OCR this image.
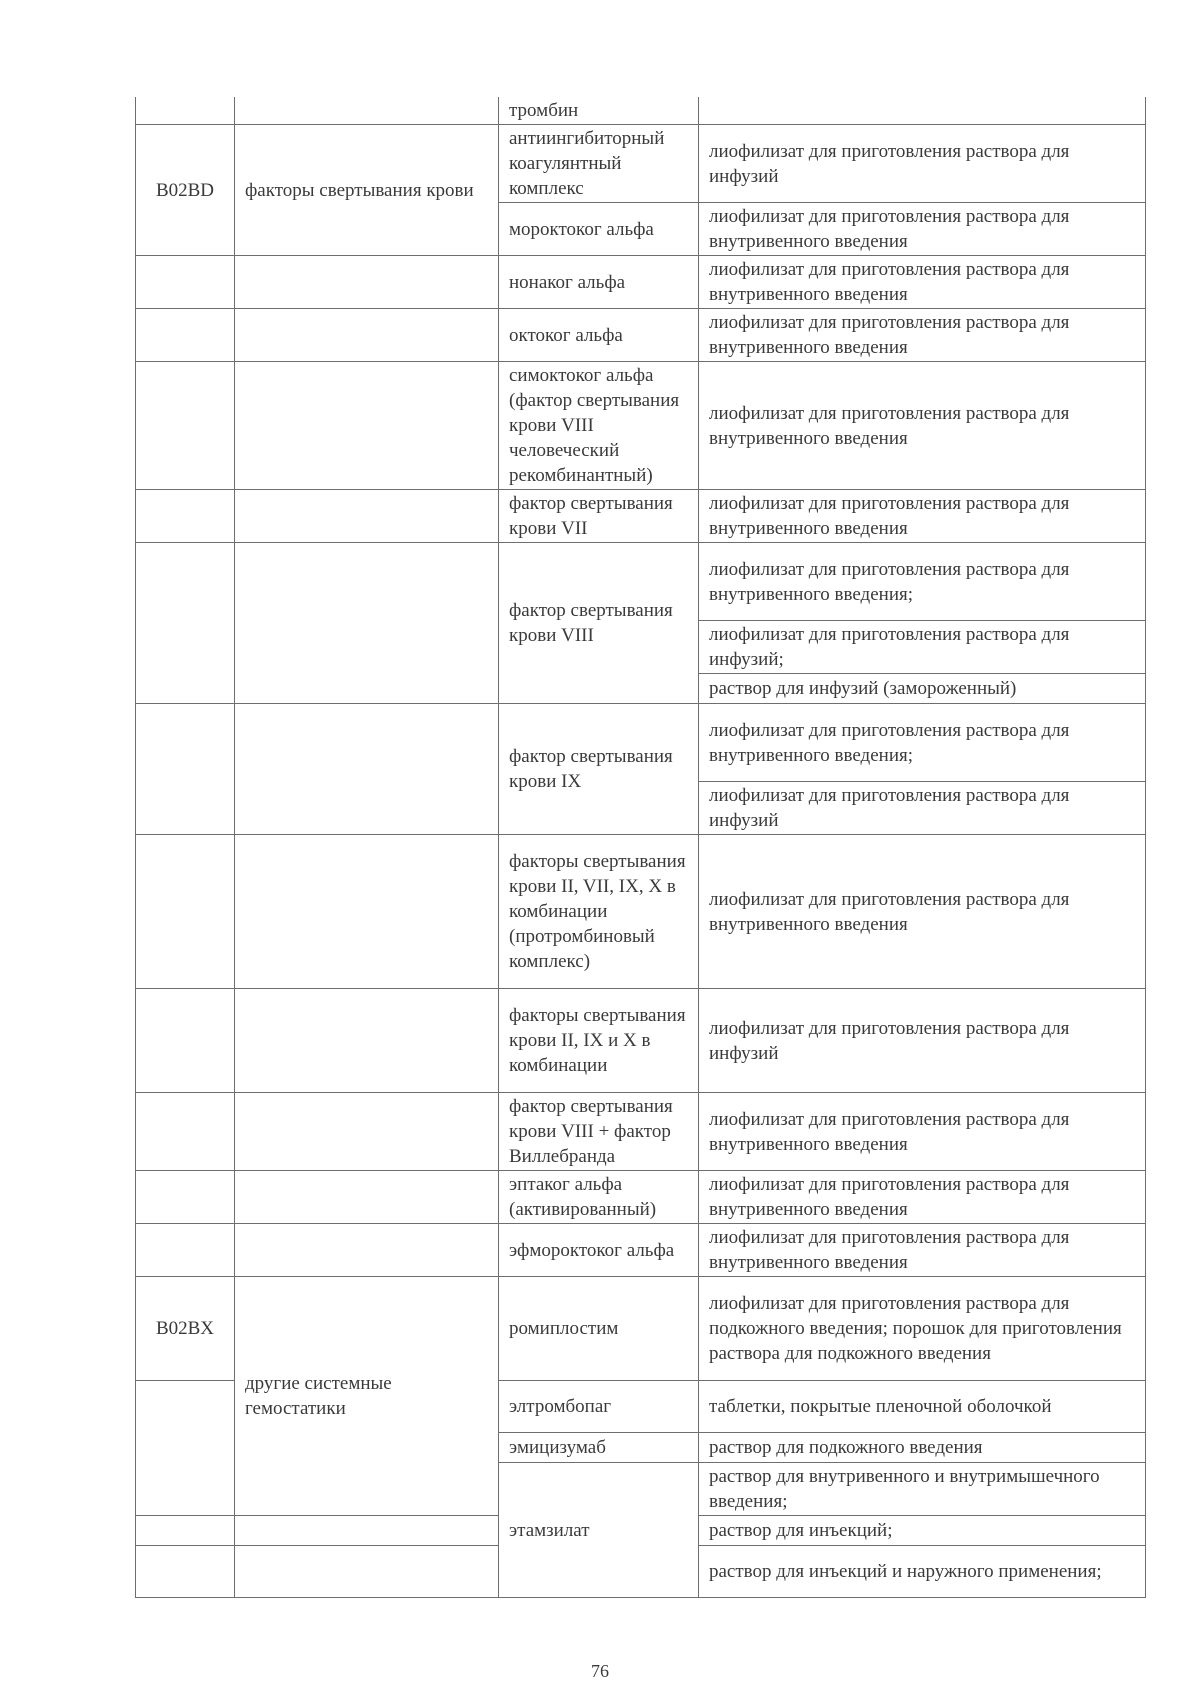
		тромбин	
B02BD	факторы свертывания крови	антиингибиторный коагулянтный комплекс	лиофилизат для приготовления раствора для инфузий
		мороктоког альфа	лиофилизат для приготовления раствора для внутривенного введения
		нонаког альфа	лиофилизат для приготовления раствора для внутривенного введения
		октоког альфа	лиофилизат для приготовления раствора для внутривенного введения
		симоктоког альфа (фактор свертывания крови VIII человеческий рекомбинантный)	лиофилизат для приготовления раствора для внутривенного введения
		фактор свертывания крови VII	лиофилизат для приготовления раствора для внутривенного введения
		фактор свертывания крови VIII	лиофилизат для приготовления раствора для внутривенного введения;
			лиофилизат для приготовления раствора для инфузий;
			раствор для инфузий (замороженный)
		фактор свертывания крови IX	лиофилизат для приготовления раствора для внутривенного введения;
			лиофилизат для приготовления раствора для инфузий
		факторы свертывания крови II, VII, IX, X в комбинации (протромбиновый комплекс)	лиофилизат для приготовления раствора для внутривенного введения
		факторы свертывания крови II, IX и X в комбинации	лиофилизат для приготовления раствора для инфузий
		фактор свертывания крови VIII + фактор Виллебранда	лиофилизат для приготовления раствора для внутривенного введения
		эптаког альфа (активированный)	лиофилизат для приготовления раствора для внутривенного введения
		эфмороктоког альфа	лиофилизат для приготовления раствора для внутривенного введения
B02BX	другие системные гемостатики	ромиплостим	лиофилизат для приготовления раствора для подкожного введения; порошок для приготовления раствора для подкожного введения
		элтромбопаг	таблетки, покрытые пленочной оболочкой
		эмицизумаб	раствор для подкожного введения
		этамзилат	раствор для внутривенного и внутримышечного введения;
			раствор для инъекций;
			раствор для инъекций и наружного применения;
76
